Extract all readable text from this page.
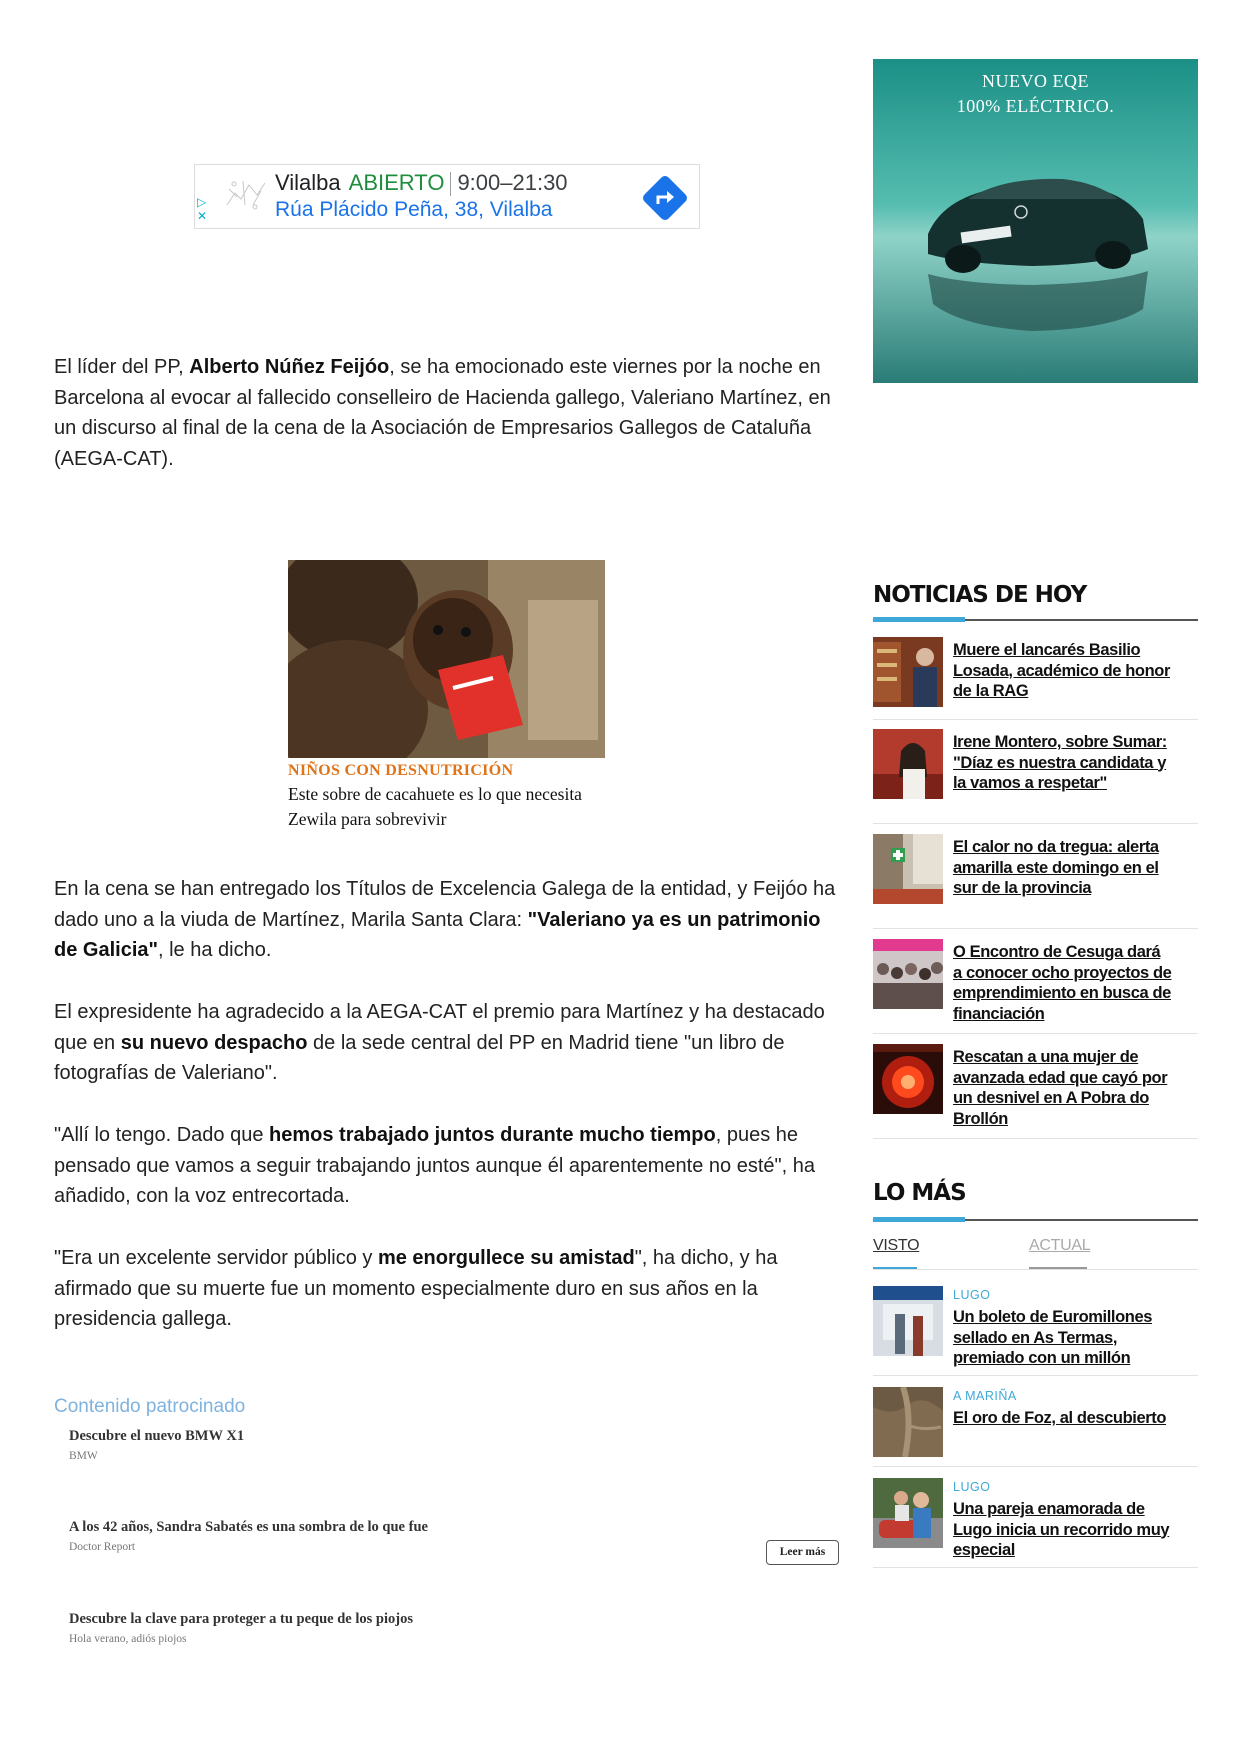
▷
✕
Vilalba ABIERTO 9:00–21:30
Rúa Plácido Peña, 38, Vilalba
NUEVO EQE
100% ELÉCTRICO.

El líder del PP, Alberto Núñez Feijóo, se ha emocionado este viernes por la noche en Barcelona al evocar al fallecido conselleiro de Hacienda gallego, Valeriano Martínez, en un discurso al final de la cena de la Asociación de Empresarios Gallegos de Cataluña (AEGA-CAT).

NIÑOS CON DESNUTRICIÓN
Este sobre de cacahuete es lo que necesita Zewila para sobrevivir

En la cena se han entregado los Títulos de Excelencia Galega de la entidad, y Feijóo ha dado uno a la viuda de Martínez, Marila Santa Clara: "Valeriano ya es un patrimonio de Galicia", le ha dicho.

El expresidente ha agradecido a la AEGA-CAT el premio para Martínez y ha destacado que en su nuevo despacho de la sede central del PP en Madrid tiene "un libro de fotografías de Valeriano".

"Allí lo tengo. Dado que hemos trabajado juntos durante mucho tiempo, pues he pensado que vamos a seguir trabajando juntos aunque él aparentemente no esté", ha añadido, con la voz entrecortada.

"Era un excelente servidor público y me enorgullece su amistad", ha dicho, y ha afirmado que su muerte fue un momento especialmente duro en sus años en la presidencia gallega.

Contenido patrocinado
Descubre el nuevo BMW X1
BMW
A los 42 años, Sandra Sabatés es una sombra de lo que fue
Doctor Report	Leer más
Descubre la clave para proteger a tu peque de los piojos
Hola verano, adiós piojos
NOTICIAS DE HOY
Muere el lancarés Basilio Losada, académico de honor de la RAG
Irene Montero, sobre Sumar: "Díaz es nuestra candidata y la vamos a respetar"
El calor no da tregua: alerta amarilla este domingo en el sur de la provincia
O Encontro de Cesuga dará a conocer ocho proyectos de emprendimiento en busca de financiación
Rescatan a una mujer de avanzada edad que cayó por un desnivel en A Pobra do Brollón
LO MÁS
VISTO	ACTUAL
LUGO
Un boleto de Euromillones sellado en As Termas, premiado con un millón
A MARIÑA
El oro de Foz, al descubierto
LUGO
Una pareja enamorada de Lugo inicia un recorrido muy especial
